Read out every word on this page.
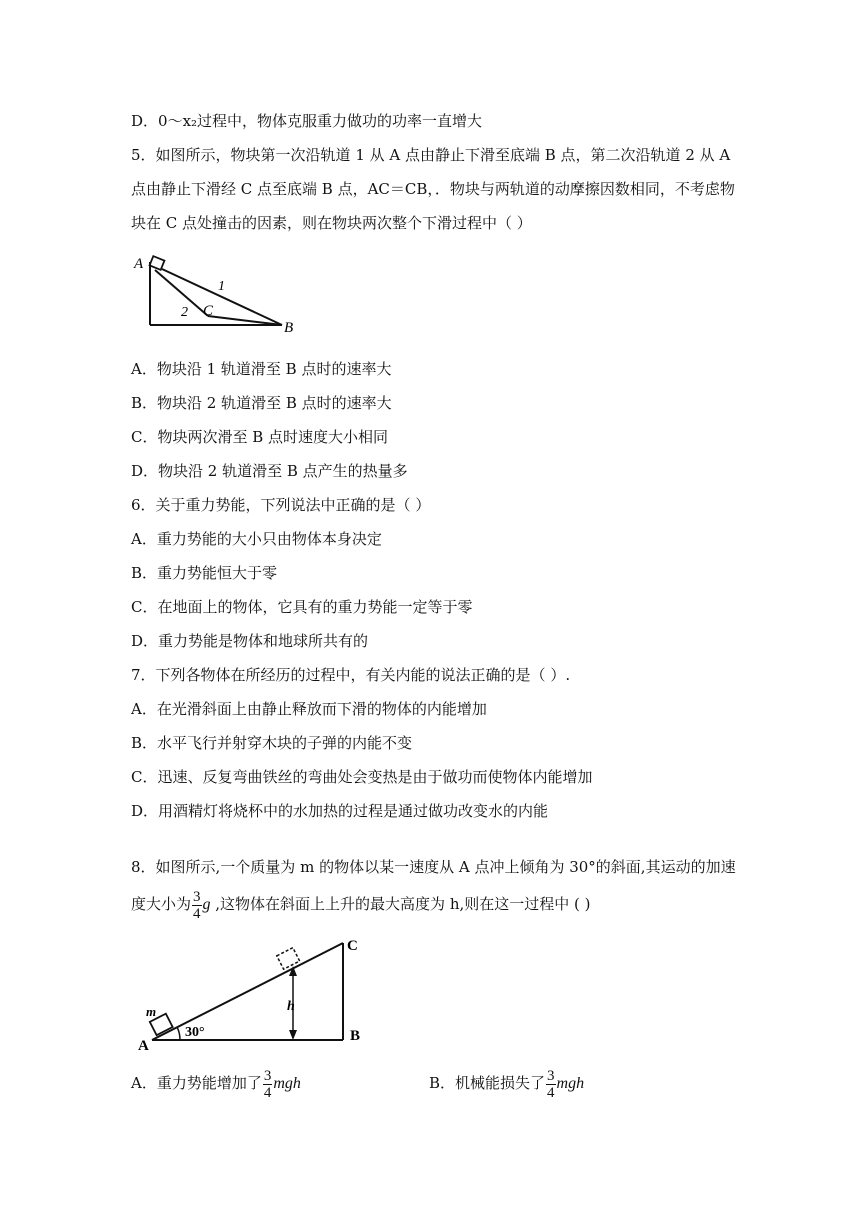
D．0～x₂过程中，物体克服重力做功的功率一直增大
5．如图所示，物块第一次沿轨道 1 从 A 点由静止下滑至底端 B 点，第二次沿轨道 2 从 A
点由静止下滑经 C 点至底端 B 点，AC＝CB，．物块与两轨道的动摩擦因数相同，不考虑物
块在 C 点处撞击的因素，则在物块两次整个下滑过程中（ ）
A
1
2 C
B
A．物块沿 1 轨道滑至 B 点时的速率大
B．物块沿 2 轨道滑至 B 点时的速率大
C．物块两次滑至 B 点时速度大小相同
D．物块沿 2 轨道滑至 B 点产生的热量多
6．关于重力势能，下列说法中正确的是（ ）
A．重力势能的大小只由物体本身决定
B．重力势能恒大于零
C．在地面上的物体，它具有的重力势能一定等于零
D．重力势能是物体和地球所共有的
7．下列各物体在所经历的过程中，有关内能的说法正确的是（ ）.
A．在光滑斜面上由静止释放而下滑的物体的内能增加
B．水平飞行并射穿木块的子弹的内能不变
C．迅速、反复弯曲铁丝的弯曲处会变热是由于做功而使物体内能增加
D．用酒精灯将烧杯中的水加热的过程是通过做功改变水的内能
8．如图所示,一个质量为 m 的物体以某一速度从 A 点冲上倾角为 30°的斜面,其运动的加速
度大小为 $\frac{3}{4}$ g ,这物体在斜面上上升的最大高度为 h,则在这一过程中 ( )
h
m
30°
A
B
C
A．重力势能增加了 $\frac{3}{4}$ mgh	B．机械能损失了 $\frac{3}{4}$ mgh
